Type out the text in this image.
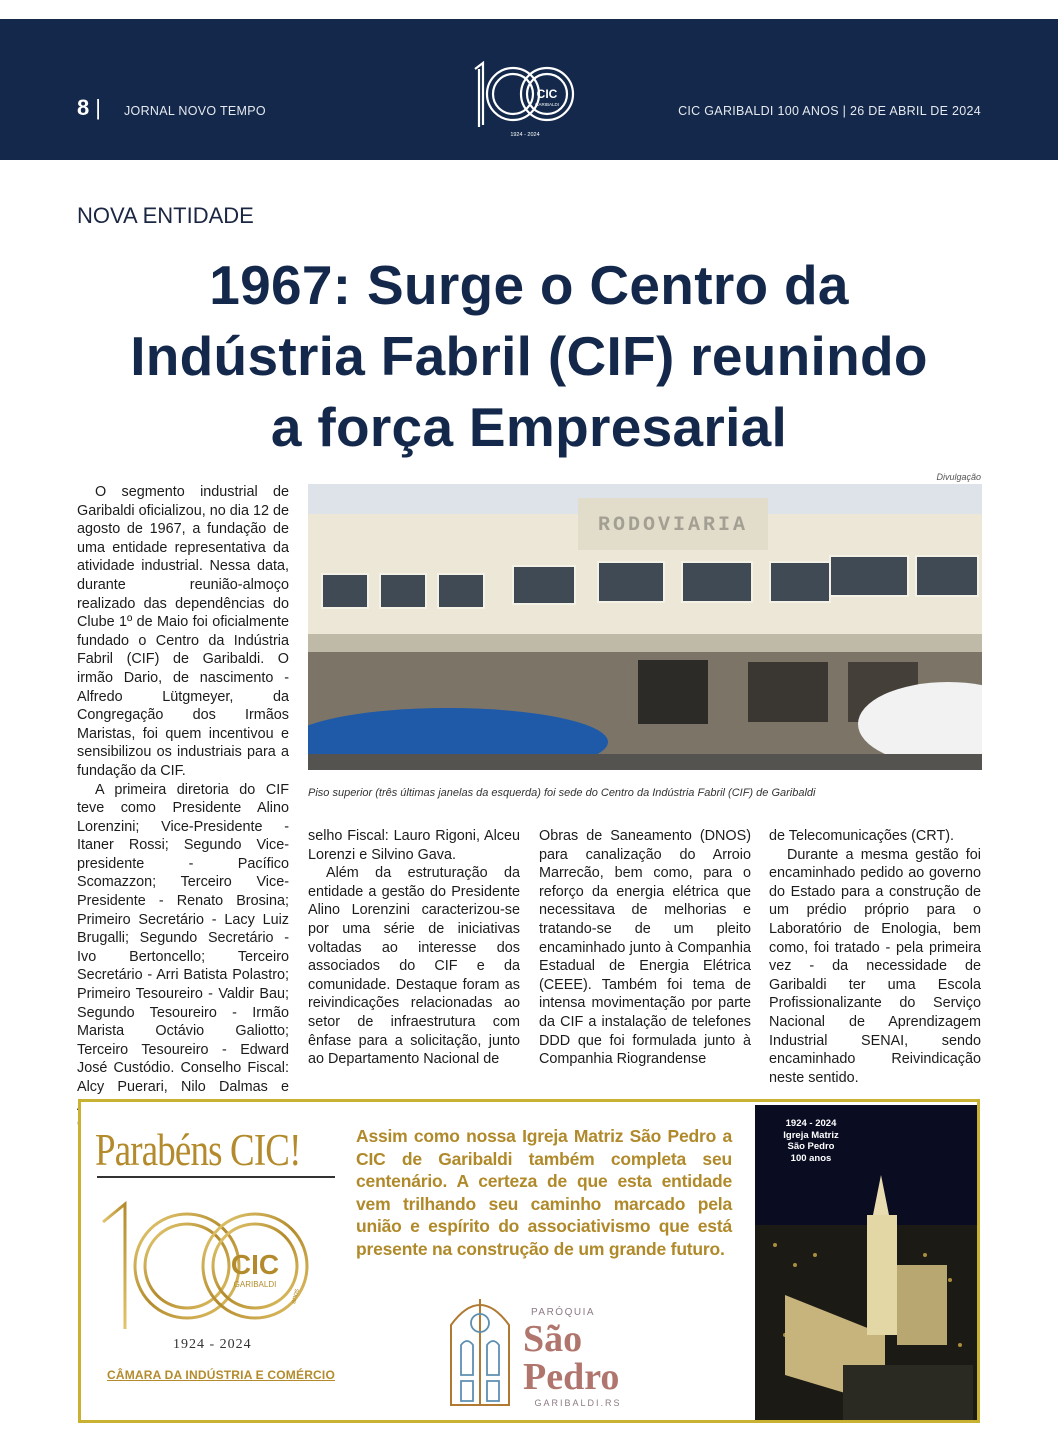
8 | JORNAL NOVO TEMPO	CIC GARIBALDI 100 ANOS | 26 DE ABRIL DE 2024
CIC
GARIBALDI
1924 - 2024
NOVA ENTIDADE
1967: Surge o Centro da
Indústria Fabril (CIF) reunindo
a força Empresarial
Divulgação
RODOVIARIA
Piso superior (três últimas janelas da esquerda) foi sede do Centro da Indústria Fabril (CIF) de Garibaldi

O segmento industrial de Garibaldi oficializou, no dia 12 de agosto de 1967, a fundação de uma entidade representativa da atividade industrial. Nessa data, durante reunião-almoço realizado das dependências do Clube 1º de Maio foi oficialmente fundado o Centro da Indústria Fabril (CIF) de Garibaldi. O irmão Dario, de nascimento - Alfredo Lütgmeyer, da Congregação dos Irmãos Maristas, foi quem incentivou e sensibilizou os industriais para a fundação da CIF.

A primeira diretoria do CIF teve como Presidente Alino Lorenzini; Vice-Presidente - Itaner Rossi; Segundo Vice-presidente - Pacífico Scomazzon; Terceiro Vice-Presidente - Renato Brosina; Primeiro Secretário - Lacy Luiz Brugalli; Segundo Secretário - Ivo Bertoncello; Terceiro Secretário - Arri Batista Polastro; Primeiro Tesoureiro - Valdir Bau; Segundo Tesoureiro - Irmão Marista Octávio Galiotto; Terceiro Tesoureiro - Edward José Custódio. Conselho Fiscal: Alcy Puerari, Nilo Dalmas e

selho Fiscal: Lauro Rigoni, Alceu Lorenzi e Silvino Gava.

Além da estruturação da entidade a gestão do Presidente Alino Lorenzini caracterizou-se por uma série de iniciativas voltadas ao interesse dos associados do CIF e da comunidade. Destaque foram as reivindicações relacionadas ao setor de infraestrutura com ênfase para a solicitação, junto ao Departamento Nacional de

Obras de Saneamento (DNOS) para canalização do Arroio Marrecão, bem como, para o reforço da energia elétrica que necessitava de melhorias e tratando-se de um pleito encaminhado junto à Companhia Estadual de Energia Elétrica (CEEE). Também foi tema de intensa movimentação por parte da CIF a instalação de telefones DDD que foi formulada junto à Companhia Riograndense

de Telecomunicações (CRT).

Durante a mesma gestão foi encaminhado pedido ao governo do Estado para a construção de um prédio próprio para o Laboratório de Enologia, bem como, foi tratado - pela primeira vez - da necessidade de Garibaldi ter uma Escola Profissionalizante do Serviço Nacional de Aprendizagem Industrial SENAI, sendo encaminhado Reivindicação neste sentido.

Parabéns CIC!
CIC
GARIBALDI
anos
1924 - 2024
CÂMARA DA INDÚSTRIA E COMÉRCIO
Assim como nossa Igreja Matriz São Pedro a CIC de Garibaldi também completa seu centenário. A certeza de que esta entidade vem trilhando seu caminho marcado pela união e espírito do associativismo que está presente na construção de um grande futuro.
PARÓQUIA
São
Pedro
GARIBALDI.RS
1924 - 2024
Igreja Matriz
São Pedro
100 anos
